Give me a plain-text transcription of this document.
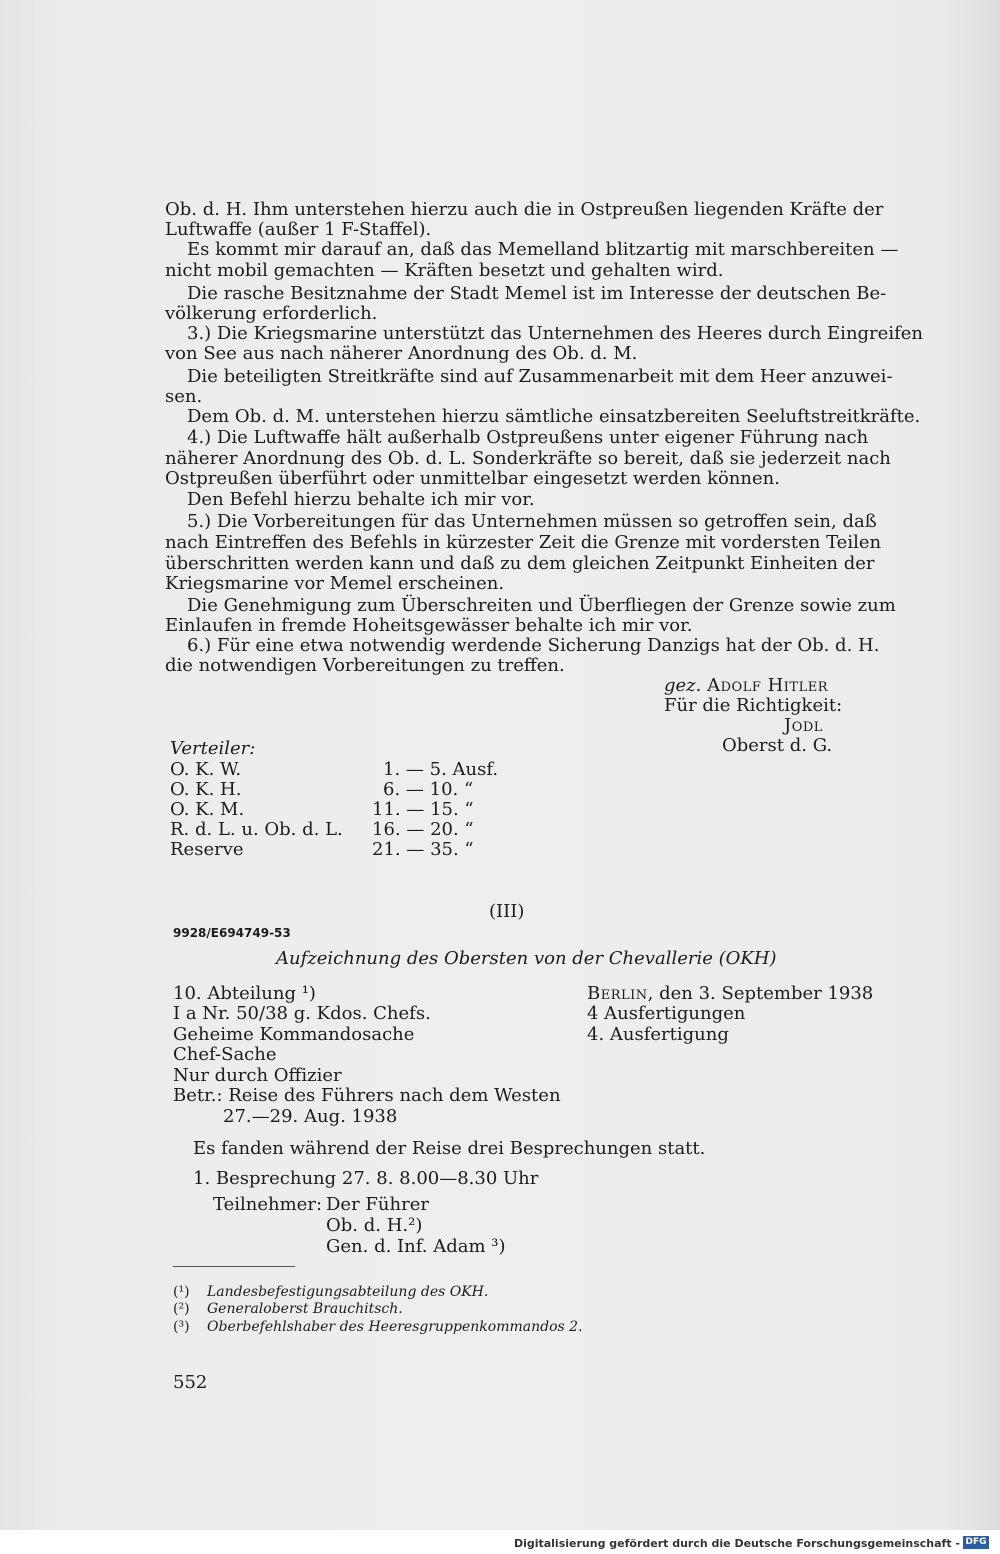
Ob. d. H. Ihm unterstehen hierzu auch die in Ostpreußen liegenden Kräfte der
Luftwaffe (außer 1 F-Staffel).
Es kommt mir darauf an, daß das Memelland blitzartig mit marschbereiten —
nicht mobil gemachten — Kräften besetzt und gehalten wird.
Die rasche Besitznahme der Stadt Memel ist im Interesse der deutschen Be-
völkerung erforderlich.
3.) Die Kriegsmarine unterstützt das Unternehmen des Heeres durch Eingreifen
von See aus nach näherer Anordnung des Ob. d. M.
Die beteiligten Streitkräfte sind auf Zusammenarbeit mit dem Heer anzuwei-
sen.
Dem Ob. d. M. unterstehen hierzu sämtliche einsatzbereiten Seeluftstreitkräfte.
4.) Die Luftwaffe hält außerhalb Ostpreußens unter eigener Führung nach
näherer Anordnung des Ob. d. L. Sonderkräfte so bereit, daß sie jederzeit nach
Ostpreußen überführt oder unmittelbar eingesetzt werden können.
Den Befehl hierzu behalte ich mir vor.
5.) Die Vorbereitungen für das Unternehmen müssen so getroffen sein, daß
nach Eintreffen des Befehls in kürzester Zeit die Grenze mit vordersten Teilen
überschritten werden kann und daß zu dem gleichen Zeitpunkt Einheiten der
Kriegsmarine vor Memel erscheinen.
Die Genehmigung zum Überschreiten und Überfliegen der Grenze sowie zum
Einlaufen in fremde Hoheitsgewässer behalte ich mir vor.
6.) Für eine etwa notwendig werdende Sicherung Danzigs hat der Ob. d. H.
die notwendigen Vorbereitungen zu treffen.
gez. Adolf Hitler
Für die Richtigkeit:
Jodl
Oberst d. G.
Verteiler:
O. K. W.	1. — 5. Ausf.
O. K. H.	6. — 10. “
O. K. M.	11. — 15. “
R. d. L. u. Ob. d. L. 16. — 20. “
Reserve	21. — 35. “
(III)
9928/E694749-53
Aufzeichnung des Obersten von der Chevallerie (OKH)
10. Abteilung ¹)
I a Nr. 50/38 g. Kdos. Chefs.
Geheime Kommandosache
Chef-Sache
Nur durch Offizier
Betr.: Reise des Führers nach dem Westen
27.—29. Aug. 1938
Berlin, den 3. September 1938
4 Ausfertigungen
4. Ausfertigung
Es fanden während der Reise drei Besprechungen statt.
1. Besprechung 27. 8. 8.00—8.30 Uhr
Teilnehmer: Der Führer
Ob. d. H.²)
Gen. d. Inf. Adam ³)
(¹) Landesbefestigungsabteilung des OKH.
(²) Generaloberst Brauchitsch.
(³) Oberbefehlshaber des Heeresgruppenkommandos 2.
552
Digitalisierung gefördert durch die Deutsche Forschungsgemeinschaft - DFG
